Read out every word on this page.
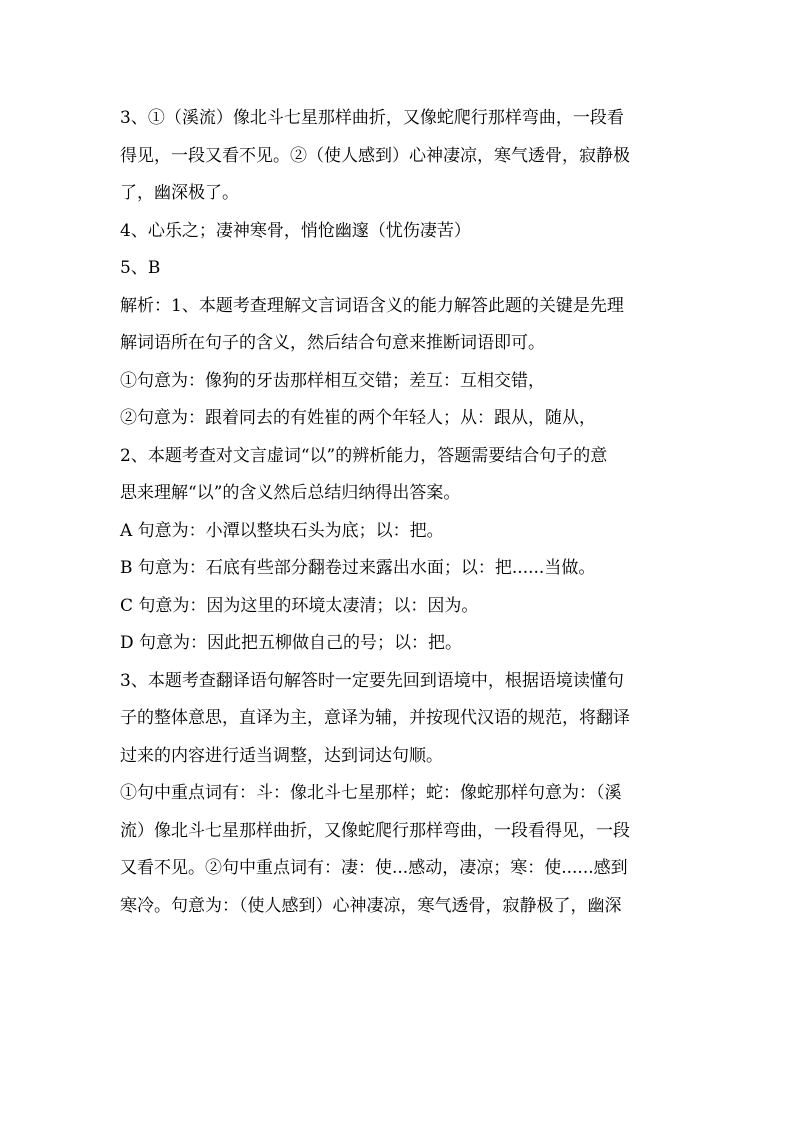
3、①（溪流）像北斗七星那样曲折，又像蛇爬行那样弯曲，一段看
得见，一段又看不见。②（使人感到）心神凄凉，寒气透骨，寂静极
了，幽深极了。
4、心乐之；凄神寒骨，悄怆幽邃（忧伤凄苦）
5、B
解析：1、本题考查理解文言词语含义的能力解答此题的关键是先理
解词语所在句子的含义，然后结合句意来推断词语即可。
①句意为：像狗的牙齿那样相互交错；差互：互相交错，
②句意为：跟着同去的有姓崔的两个年轻人；从：跟从，随从，
2、本题考查对文言虚词“以”的辨析能力，答题需要结合句子的意
思来理解“以”的含义然后总结归纳得出答案。
A 句意为：小潭以整块石头为底；以：把。
B 句意为：石底有些部分翻卷过来露出水面；以：把......当做。
C 句意为：因为这里的环境太凄清；以：因为。
D 句意为：因此把五柳做自己的号；以：把。
3、本题考查翻译语句解答时一定要先回到语境中，根据语境读懂句
子的整体意思，直译为主，意译为辅，并按现代汉语的规范，将翻译
过来的内容进行适当调整，达到词达句顺。
①句中重点词有：斗：像北斗七星那样；蛇：像蛇那样句意为：（溪
流）像北斗七星那样曲折，又像蛇爬行那样弯曲，一段看得见，一段
又看不见。②句中重点词有：凄：使...感动，凄凉；寒：使......感到
寒冷。句意为：（使人感到）心神凄凉，寒气透骨，寂静极了，幽深
